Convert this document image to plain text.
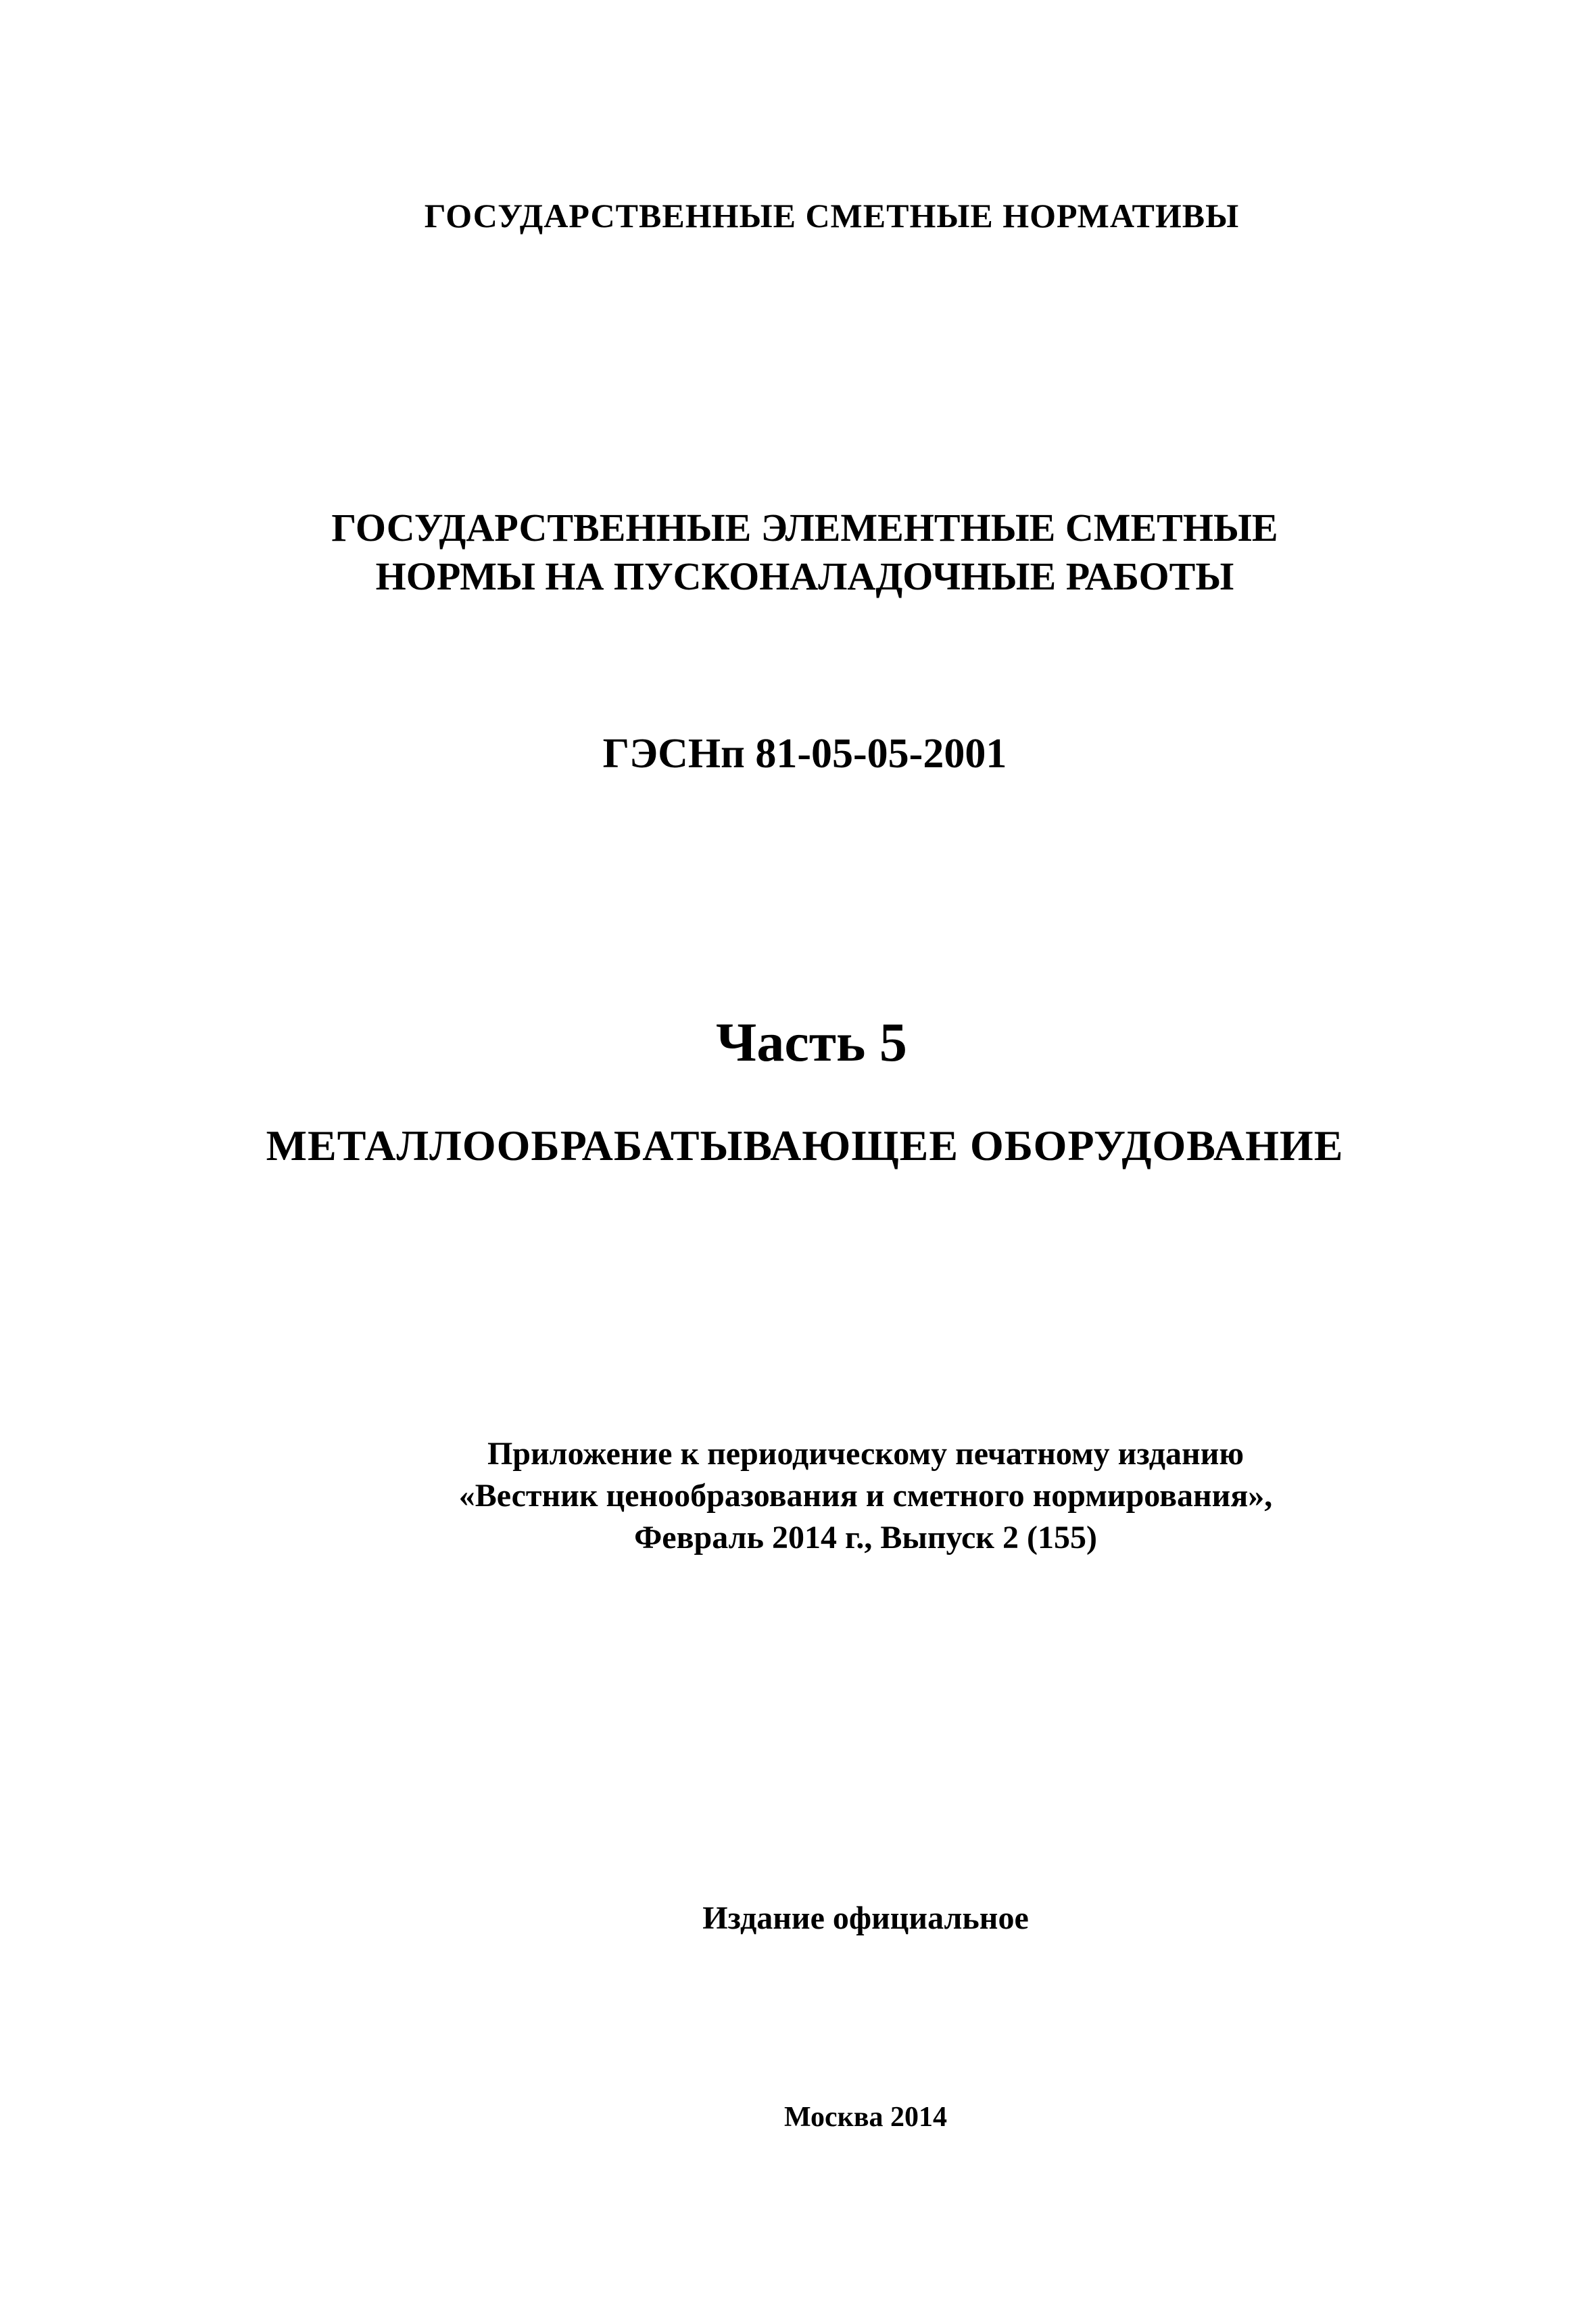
ГОСУДАРСТВЕННЫЕ СМЕТНЫЕ НОРМАТИВЫ
ГОСУДАРСТВЕННЫЕ ЭЛЕМЕНТНЫЕ СМЕТНЫЕ
НОРМЫ НА ПУСКОНАЛАДОЧНЫЕ РАБОТЫ
ГЭСНп 81-05-05-2001
Часть 5
МЕТАЛЛООБРАБАТЫВАЮЩЕЕ ОБОРУДОВАНИЕ
Приложение к периодическому печатному изданию
«Вестник ценообразования и сметного нормирования»,
Февраль 2014 г., Выпуск 2 (155)
Издание официальное
Москва 2014
